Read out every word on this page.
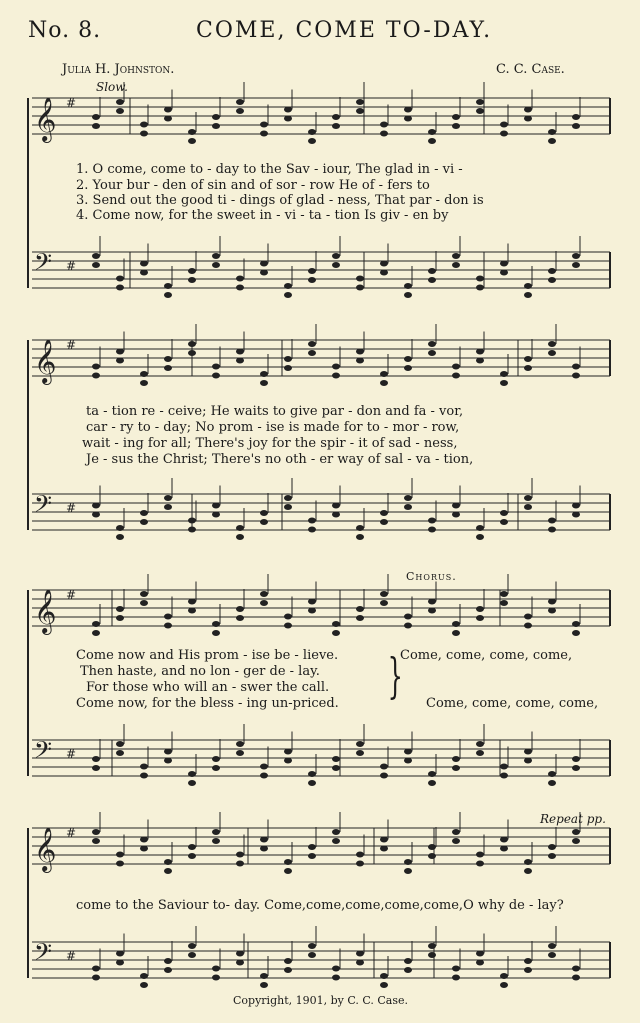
No. 8.	COME, COME TO-DAY.
Julia H. Johnston.	C. C. Case.
Slow.
𝄞 #
𝄢 #
𝄞 #
𝄢 #
𝄞 #
𝄢 #
𝄞 #
𝄢 #
Chorus.
Repeat pp.
1. O come, come to - day to the Sav - iour, The glad in - vi -
2. Your bur - den of sin and of sor - row He of - fers to
3. Send out the good ti - dings of glad - ness, That par - don is
4. Come now, for the sweet in - vi - ta - tion Is giv - en by
ta - tion re - ceive; He waits to give par - don and fa - vor,
car - ry to - day; No prom - ise is made for to - mor - row,
wait - ing for all; There's joy for the spir - it of sad - ness,
Je - sus the Christ; There's no oth - er way of sal - va - tion,
Come now and His prom - ise be - lieve.
Then haste, and no lon - ger de - lay.
For those who will an - swer the call.
Come now, for the bless - ing un-priced. }
Come, come, come, come,
Come, come, come, come,
come to the Saviour to- day. Come,come,come,come,come,O why de - lay?
Copyright, 1901, by C. C. Case.
